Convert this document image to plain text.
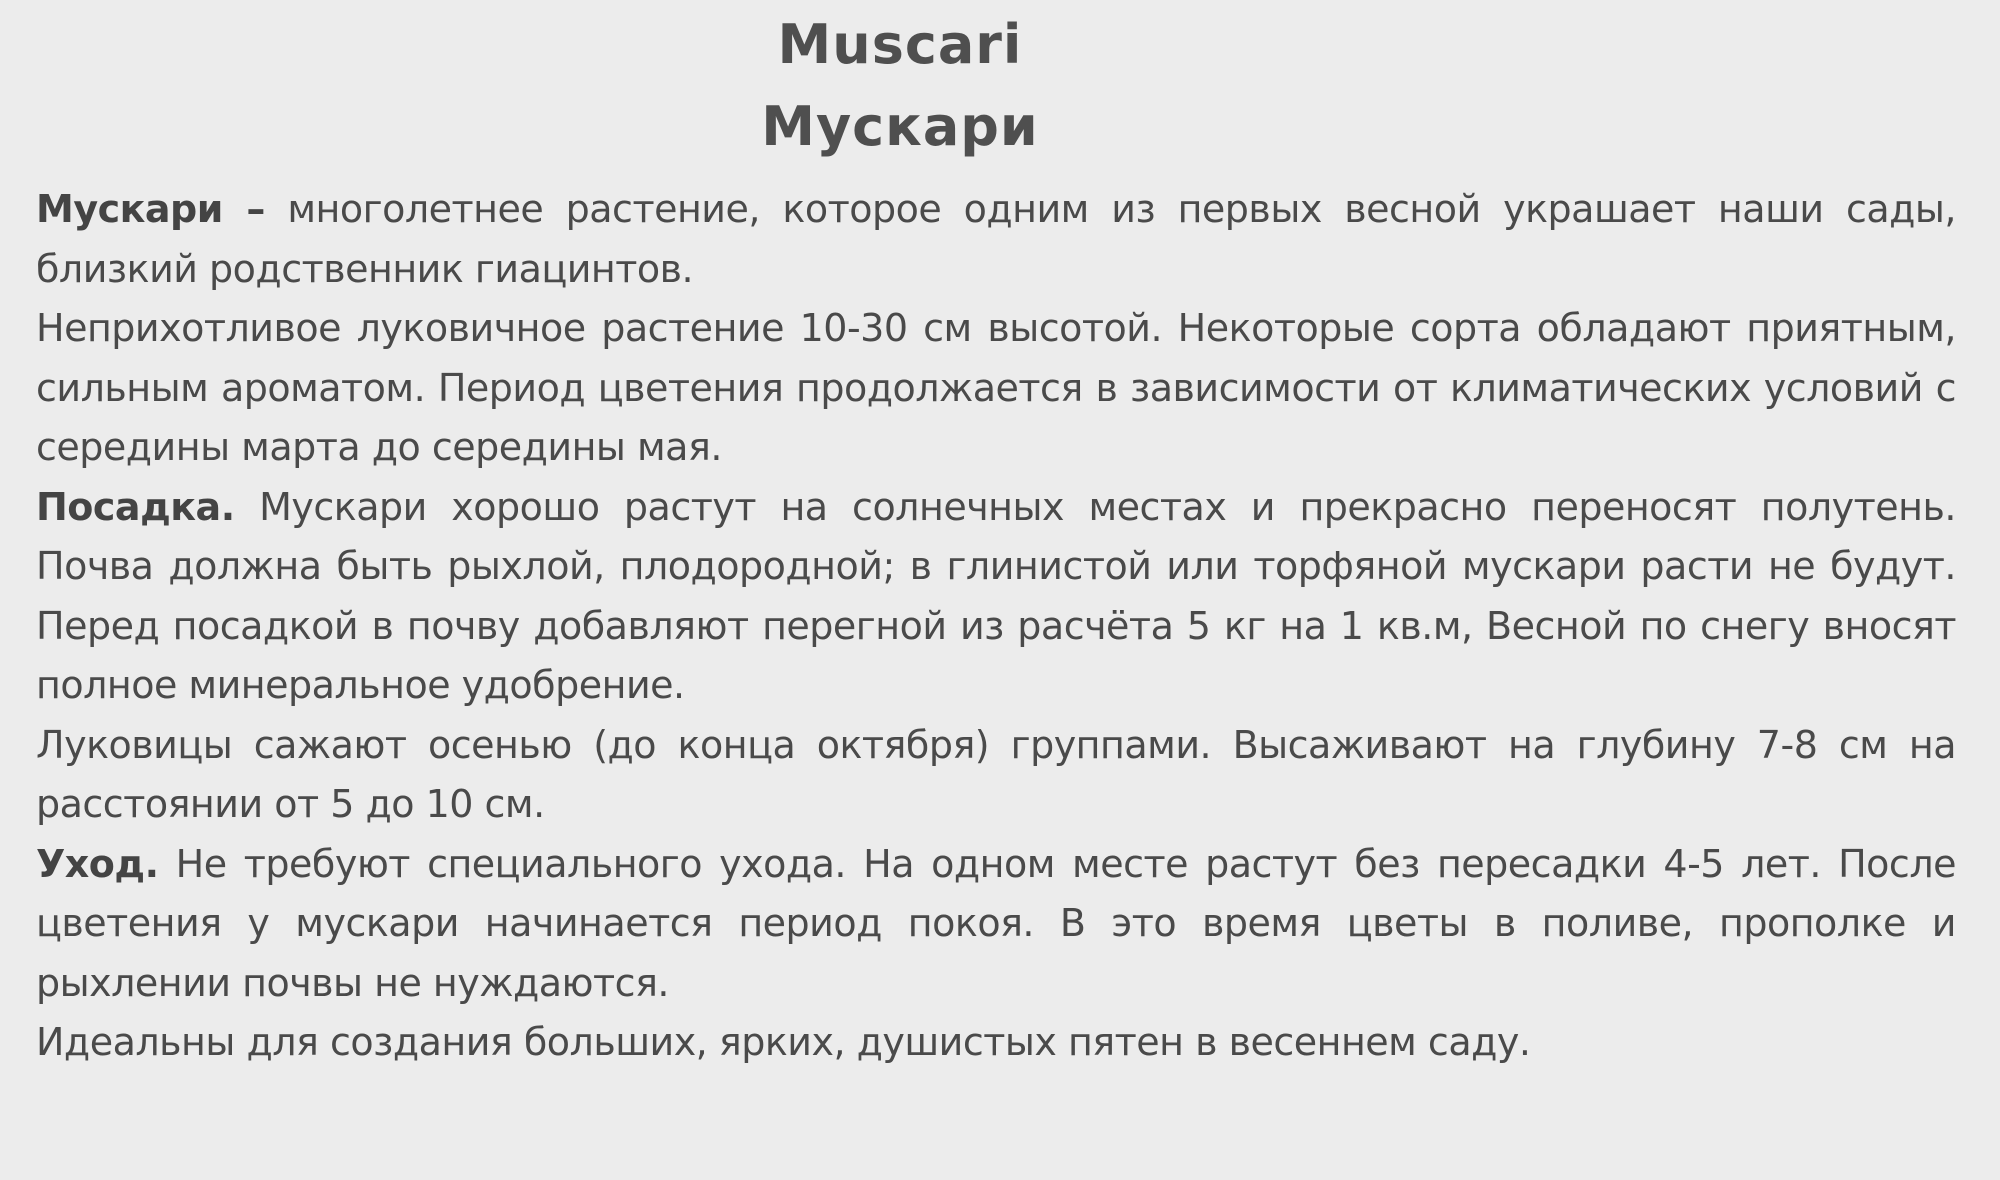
Muscari
Мускари

Мускари – многолетнее растение, которое одним из первых весной украшает наши сады, близкий родственник гиацинтов.

Неприхотливое луковичное растение 10-30 см высотой. Некоторые сорта обладают приятным, сильным ароматом. Период цветения продолжается в зависимости от климатических условий с середины марта до середины мая.

Посадка. Мускари хорошо растут на солнечных местах и прекрасно переносят полутень. Почва должна быть рыхлой, плодородной; в глинистой или торфяной мускари расти не будут. Перед посадкой в почву добавляют перегной из расчёта 5 кг на 1 кв.м, Весной по снегу вносят полное минеральное удобрение.

Луковицы сажают осенью (до конца октября) группами. Высаживают на глубину 7-8 см на расстоянии от 5 до 10 см.

Уход. Не требуют специального ухода. На одном месте растут без пересадки 4-5 лет. После цветения у мускари начинается период покоя. В это время цветы в поливе, прополке и рыхлении почвы не нуждаются.

Идеальны для создания больших, ярких, душистых пятен в весеннем саду.
